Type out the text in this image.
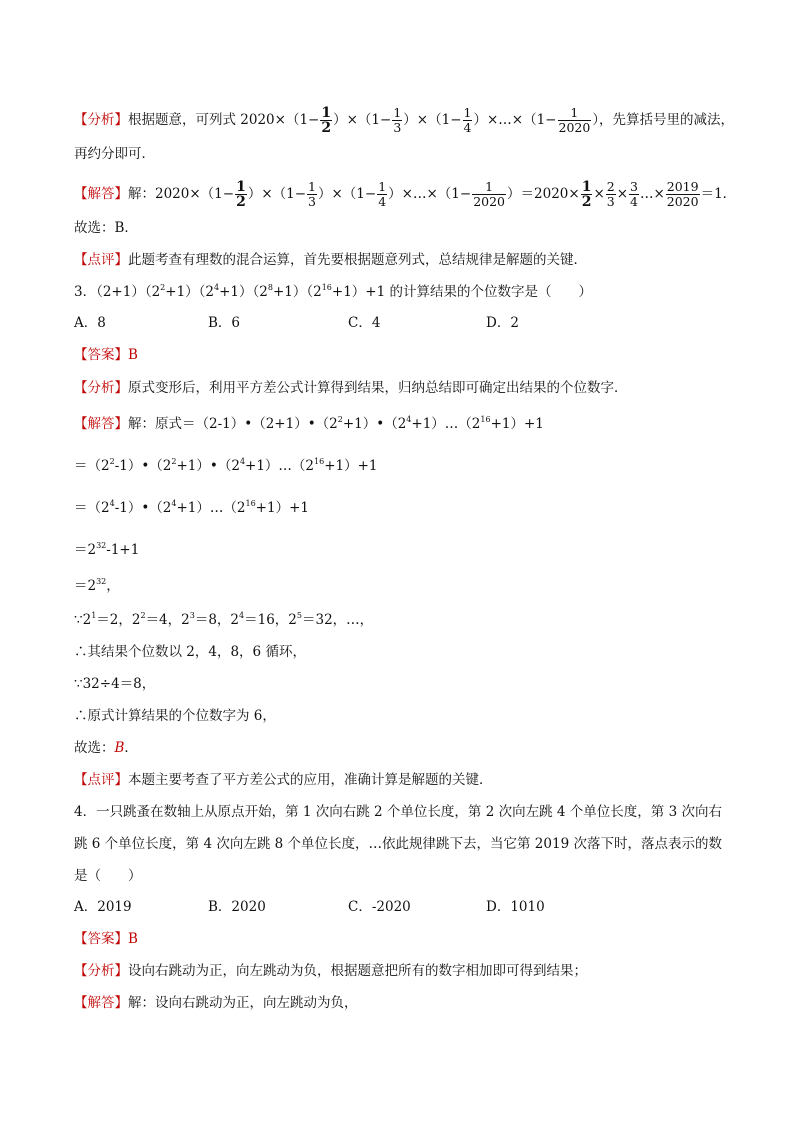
【分析】根据题意，可列式 $2020\times(1- \frac{1}{2} )\times(1- \frac{1}{3} )\times(1- \frac{1}{4}$ ）×…×（1− $\frac{1}{2020}$ ），先算括号里的减法，
再约分即可．
【解答】解：$2020\times(1- \frac{1}{2} )\times(1- \frac{1}{3} )\times(1- \frac{1}{4}$ ）×…×（1− $\frac{1}{2020} )=2020\times \frac{1}{2} \times \frac{2}{3} \times \frac{3}{4}$ …× $\frac{2019}{2020} =1$．
故选：B．
【点评】此题考查有理数的混合运算，首先要根据题意列式，总结规律是解题的关键．
3．$(2+1)(2^2+1)(2^4+1)(2^8+1)(2^{16}+1)+1$ 的计算结果的个位数字是（　　）
A．8	B．6	C．4	D．2
【答案】B
【分析】原式变形后，利用平方差公式计算得到结果，归纳总结即可确定出结果的个位数字．
【解答】解：原式$=(2-1)•(2+1)•(2^2+1)•(2^4+1)\dots(2^{16}+1)+1$
$=(2^2-1)•(2^2+1)•(2^4+1)\dots(2^{16}+1)+1$
$=(2^4-1)•(2^4+1)\dots(2^{16}+1)+1$
$=2^{32}-1+1$
$=2^{32}$，
$\because 2^1=2$，$2^2=4$，$2^3=8$，$2^4=16$，$2^5=32$，…，
∴其结果个位数以 2，4，8，6 循环，
∵32÷4＝8，
∴原式计算结果的个位数字为 6，
故选：B．
【点评】本题主要考查了平方差公式的应用，准确计算是解题的关键．
4．一只跳蚤在数轴上从原点开始，第 1 次向右跳 2 个单位长度，第 2 次向左跳 4 个单位长度，第 3 次向右
跳 6 个单位长度，第 4 次向左跳 8 个单位长度，…依此规律跳下去，当它第 2019 次落下时，落点表示的数
是（　　）
A．2019	B．2020	C．-2020	D．1010
【答案】B
【分析】设向右跳动为正，向左跳动为负，根据题意把所有的数字相加即可得到结果；
【解答】解：设向右跳动为正，向左跳动为负，
